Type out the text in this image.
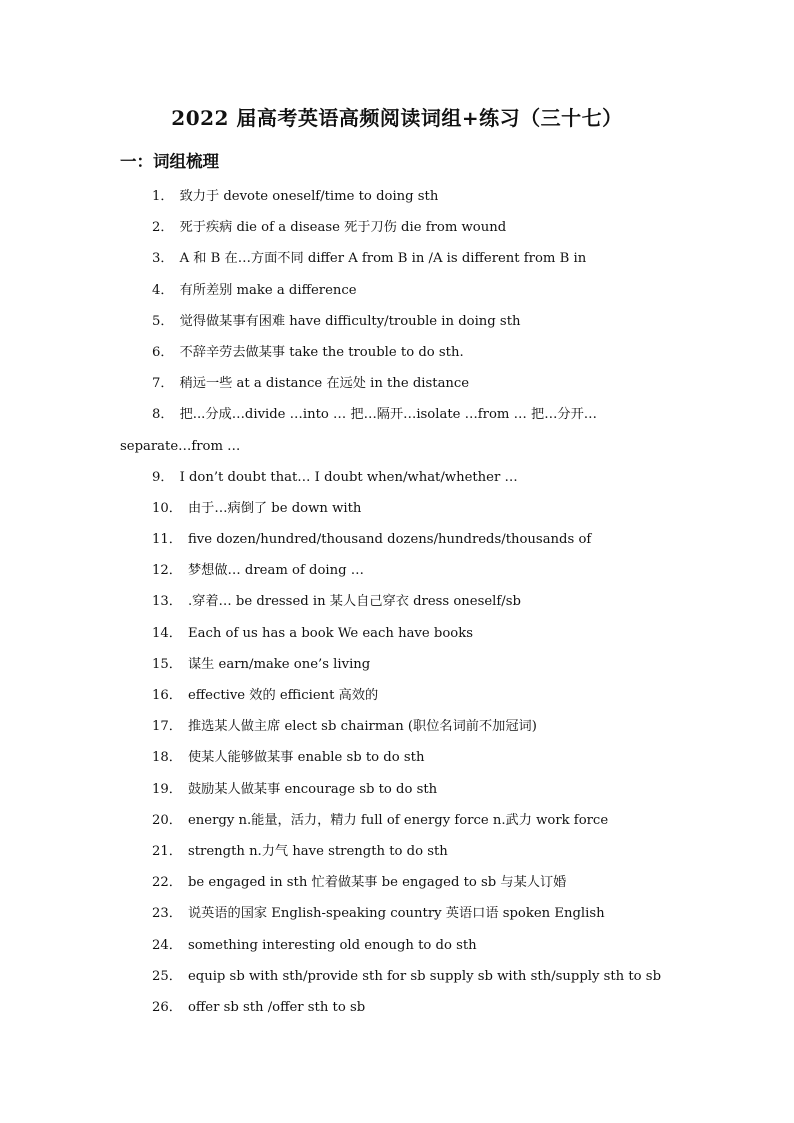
2022 届高考英语高频阅读词组+练习（三十七）
一：词组梳理
1． 致力于 devote oneself/time to doing sth
2． 死于疾病 die of a disease 死于刀伤 die from wound
3． A 和 B 在…方面不同 differ A from B in /A is different from B in
4． 有所差别 make a difference
5． 觉得做某事有困难 have difficulty/trouble in doing sth
6． 不辞辛劳去做某事 take the trouble to do sth.
7． 稍远一些 at a distance 在远处 in the distance
8． 把...分成…divide …into … 把…隔开…isolate …from … 把…分开…
separate…from …
9． I don’t doubt that… I doubt when/what/whether …
10． 由于…病倒了 be down with
11． five dozen/hundred/thousand dozens/hundreds/thousands of
12． 梦想做… dream of doing …
13． .穿着… be dressed in 某人自己穿衣 dress oneself/sb
14． Each of us has a book We each have books
15． 谋生 earn/make one’s living
16． effective 效的 efficient 高效的
17． 推选某人做主席 elect sb chairman (职位名词前不加冠词)
18． 使某人能够做某事 enable sb to do sth
19． 鼓励某人做某事 encourage sb to do sth
20． energy n.能量，活力，精力 full of energy force n.武力 work force
21． strength n.力气 have strength to do sth
22． be engaged in sth 忙着做某事 be engaged to sb 与某人订婚
23． 说英语的国家 English-speaking country 英语口语 spoken English
24． something interesting old enough to do sth
25． equip sb with sth/provide sth for sb supply sb with sth/supply sth to sb
26． offer sb sth /offer sth to sb
